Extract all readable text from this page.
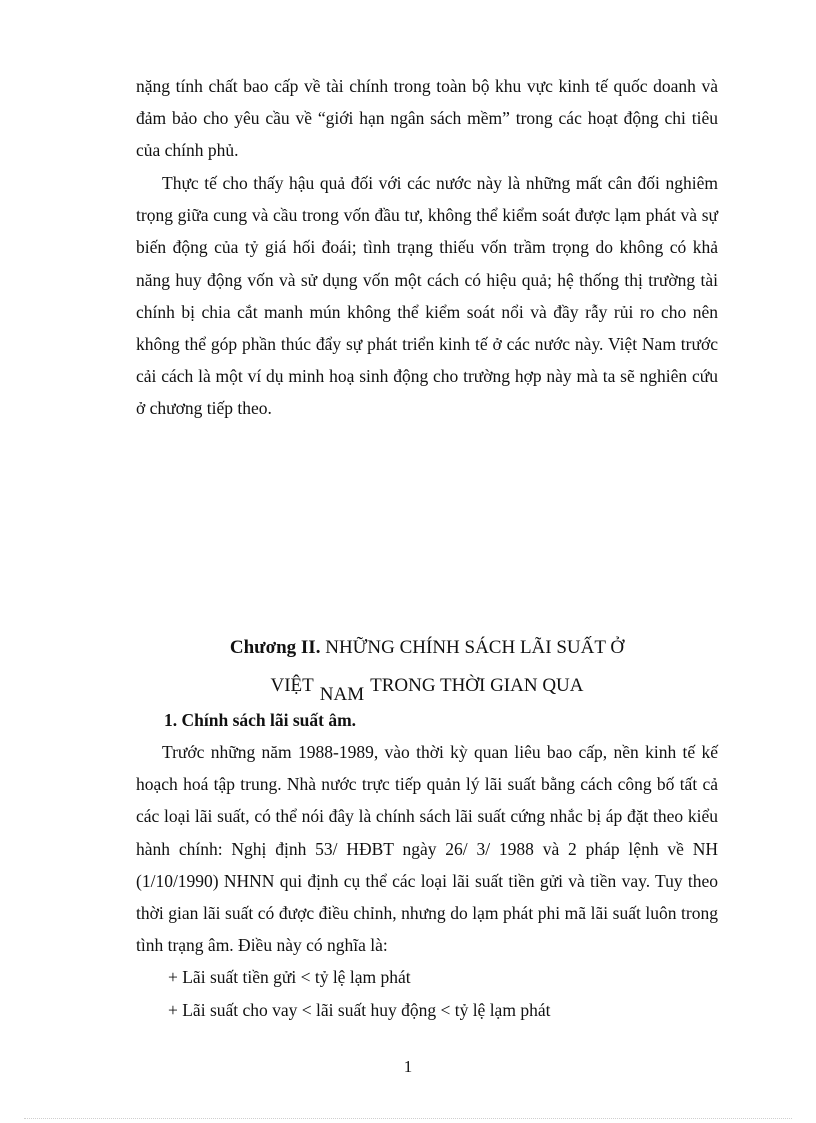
nặng tính chất bao cấp về tài chính trong toàn bộ khu vực kinh tế quốc doanh và đảm bảo cho yêu cầu về “giới hạn ngân sách mềm” trong các hoạt động chi tiêu của chính phủ.

Thực tế cho thấy hậu quả đối với các nước này là những mất cân đối nghiêm trọng giữa cung và cầu trong vốn đầu tư, không thể kiểm soát được lạm phát và sự biến động của tỷ giá hối đoái; tình trạng thiếu vốn trầm trọng do không có khả năng huy động vốn và sử dụng vốn một cách có hiệu quả; hệ thống thị trường tài chính bị chia cắt manh mún không thể kiểm soát nổi và đầy rẫy rủi ro cho nên không thể góp phần thúc đẩy sự phát triển kinh tế ở các nước này. Việt Nam trước cải cách là một ví dụ minh hoạ sinh động cho trường hợp này mà ta sẽ nghiên cứu ở chương tiếp theo.

Chương II. NHỮNG CHÍNH SÁCH LÃI SUẤT Ở

VIỆT NAM TRONG THỜI GIAN QUA

1. Chính sách lãi suất âm.

Trước những năm 1988-1989, vào thời kỳ quan liêu bao cấp, nền kinh tế kế hoạch hoá tập trung. Nhà nước trực tiếp quản lý lãi suất bằng cách công bố tất cả các loại lãi suất, có thể nói đây là chính sách lãi suất cứng nhắc bị áp đặt theo kiểu hành chính: Nghị định 53/ HĐBT ngày 26/ 3/ 1988 và 2 pháp lệnh về NH (1/10/1990) NHNN qui định cụ thể các loại lãi suất tiền gửi và tiền vay. Tuy theo thời gian lãi suất có được điều chỉnh, nhưng do lạm phát phi mã lãi suất luôn trong tình trạng âm. Điều này có nghĩa là:

+ Lãi suất tiền gửi < tỷ lệ lạm phát

+ Lãi suất cho vay < lãi suất huy động < tỷ lệ lạm phát

1
